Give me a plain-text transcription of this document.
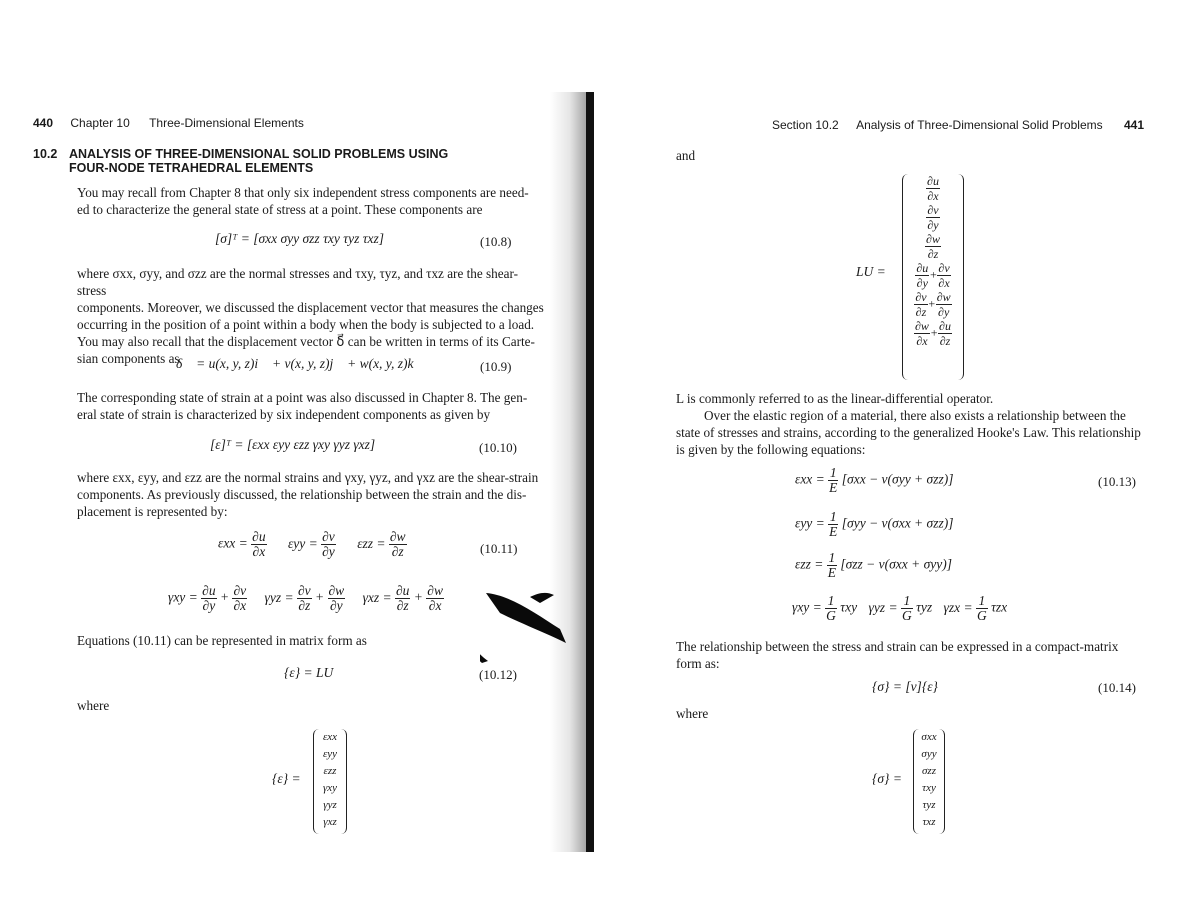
440 Chapter 10 Three-Dimensional Elements
10.2 ANALYSIS OF THREE-DIMENSIONAL SOLID PROBLEMS USING
FOUR-NODE TETRAHEDRAL ELEMENTS
You may recall from Chapter 8 that only six independent stress components are need-
ed to characterize the general state of stress at a point. These components are
[σ]ᵀ = [σxx σyy σzz τxy τyz τxz]	(10.8)
where σxx, σyy, and σzz are the normal stresses and τxy, τyz, and τxz are the shear-stress
components. Moreover, we discussed the displacement vector that measures the changes
occurring in the position of a point within a body when the body is subjected to a load.
You may also recall that the displacement vector δ⃗ can be written in terms of its Carte-
sian components as
δ⃗ = u(x, y, z)i⃗ + v(x, y, z)j⃗ + w(x, y, z)k⃗	(10.9)
The corresponding state of strain at a point was also discussed in Chapter 8. The gen-
eral state of strain is characterized by six independent components as given by
[ε]ᵀ = [εxx εyy εzz γxy γyz γxz]	(10.10)
where εxx, εyy, and εzz are the normal strains and γxy, γyz, and γxz are the shear-strain
components. As previously discussed, the relationship between the strain and the dis-
placement is represented by:
$\varepsilon xx = \frac{\partial u}{\partial x}$ $\varepsilon yy = \frac{\partial v}{\partial y}$ $\varepsilon zz = \frac{\partial w}{\partial z}$	(10.11)
$\gamma xy = \frac{\partial u}{\partial y} + \frac{\partial v}{\partial x}$ $\gamma yz = \frac{\partial v}{\partial z} + \frac{\partial w}{\partial y}$ $\gamma xz = \frac{\partial u}{\partial z} + \frac{\partial w}{\partial x}$
Equations (10.11) can be represented in matrix form as
{ε} = LU	(10.12)
where
{ε} =
εxx
εyy
εzz
γxy
γyz
γxz
Section 10.2 Analysis of Three-Dimensional Solid Problems 441
and
LU =
$\frac{\partial u}{\partial x}$
$\frac{\partial v}{\partial y}$
$\frac{\partial w}{\partial z}$
$\frac{\partial u}{\partial y} + \frac{\partial v}{\partial x}$
$\frac{\partial v}{\partial z} + \frac{\partial w}{\partial y}$
$\frac{\partial w}{\partial x} + \frac{\partial u}{\partial z}$
L is commonly referred to as the linear-differential operator.
Over the elastic region of a material, there also exists a relationship between the
state of stresses and strains, according to the generalized Hooke's Law. This relationship
is given by the following equations:
$\varepsilon xx = \frac{1}{E} [\sigma xx - \nu(\sigma yy + \sigma zz)]$	(10.13)
$\varepsilon yy = \frac{1}{E} [\sigma yy - \nu(\sigma xx + \sigma zz)]$
$\varepsilon zz = \frac{1}{E} [\sigma zz - \nu(\sigma xx + \sigma yy)]$
$\gamma xy = \frac{1}{G}$ τxy $\gamma yz = \frac{1}{G}$ τyz $\gamma zx = \frac{1}{G}$ τzx
The relationship between the stress and strain can be expressed in a compact-matrix
form as:
{σ} = [ν]{ε}	(10.14)
where
{σ} =
σxx
σyy
σzz
τxy
τyz
τxz
